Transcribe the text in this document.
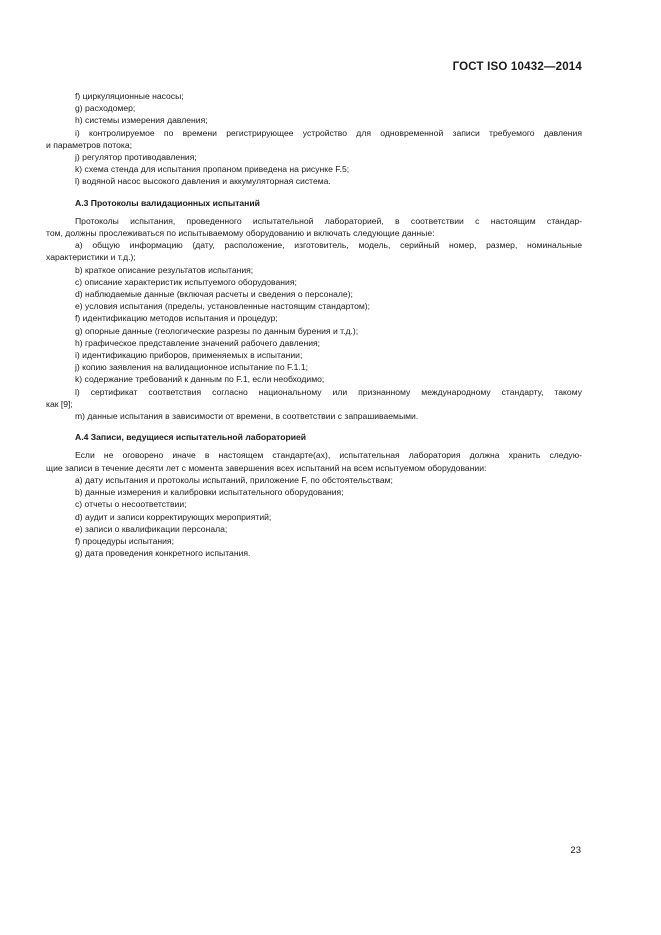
ГОСТ ISO 10432—2014
f) циркуляционные насосы;
g) расходомер;
h) системы измерения давления;
i) контролируемое по времени регистрирующее устройство для одновременной записи требуемого давления
и параметров потока;
j) регулятор противодавления;
k) схема стенда для испытания пропаном приведена на рисунке F.5;
l) водяной насос высокого давления и аккумуляторная система.
А.3 Протоколы валидационных испытаний
Протоколы испытания, проведенного испытательной лабораторией, в соответствии с настоящим стандар-
том, должны прослеживаться по испытываемому оборудованию и включать следующие данные:
a) общую информацию (дату, расположение, изготовитель, модель, серийный номер, размер, номинальные
характеристики и т.д.);
b) краткое описание результатов испытания;
c) описание характеристик испытуемого оборудования;
d) наблюдаемые данные (включая расчеты и сведения о персонале);
e) условия испытания (пределы, установленные настоящим стандартом);
f) идентификацию методов испытания и процедур;
g) опорные данные (геологические разрезы по данным бурения и т.д.);
h) графическое представление значений рабочего давления;
i) идентификацию приборов, применяемых в испытании;
j) копию заявления на валидационное испытание по F.1.1;
k) содержание требований к данным по F.1, если необходимо;
l) сертификат соответствия согласно национальному или признанному международному стандарту, такому
как [9];
m) данные испытания в зависимости от времени, в соответствии с запрашиваемыми.
А.4 Записи, ведущиеся испытательной лабораторией
Если не оговорено иначе в настоящем стандарте(ах), испытательная лаборатория должна хранить следую-
щие записи в течение десяти лет с момента завершения всех испытаний на всем испытуемом оборудовании:
a) дату испытания и протоколы испытаний, приложение F, по обстоятельствам;
b) данные измерения и калибровки испытательного оборудования;
c) отчеты о несоответствии;
d) аудит и записи корректирующих мероприятий;
e) записи о квалификации персонала;
f) процедуры испытания;
g) дата проведения конкретного испытания.
23
